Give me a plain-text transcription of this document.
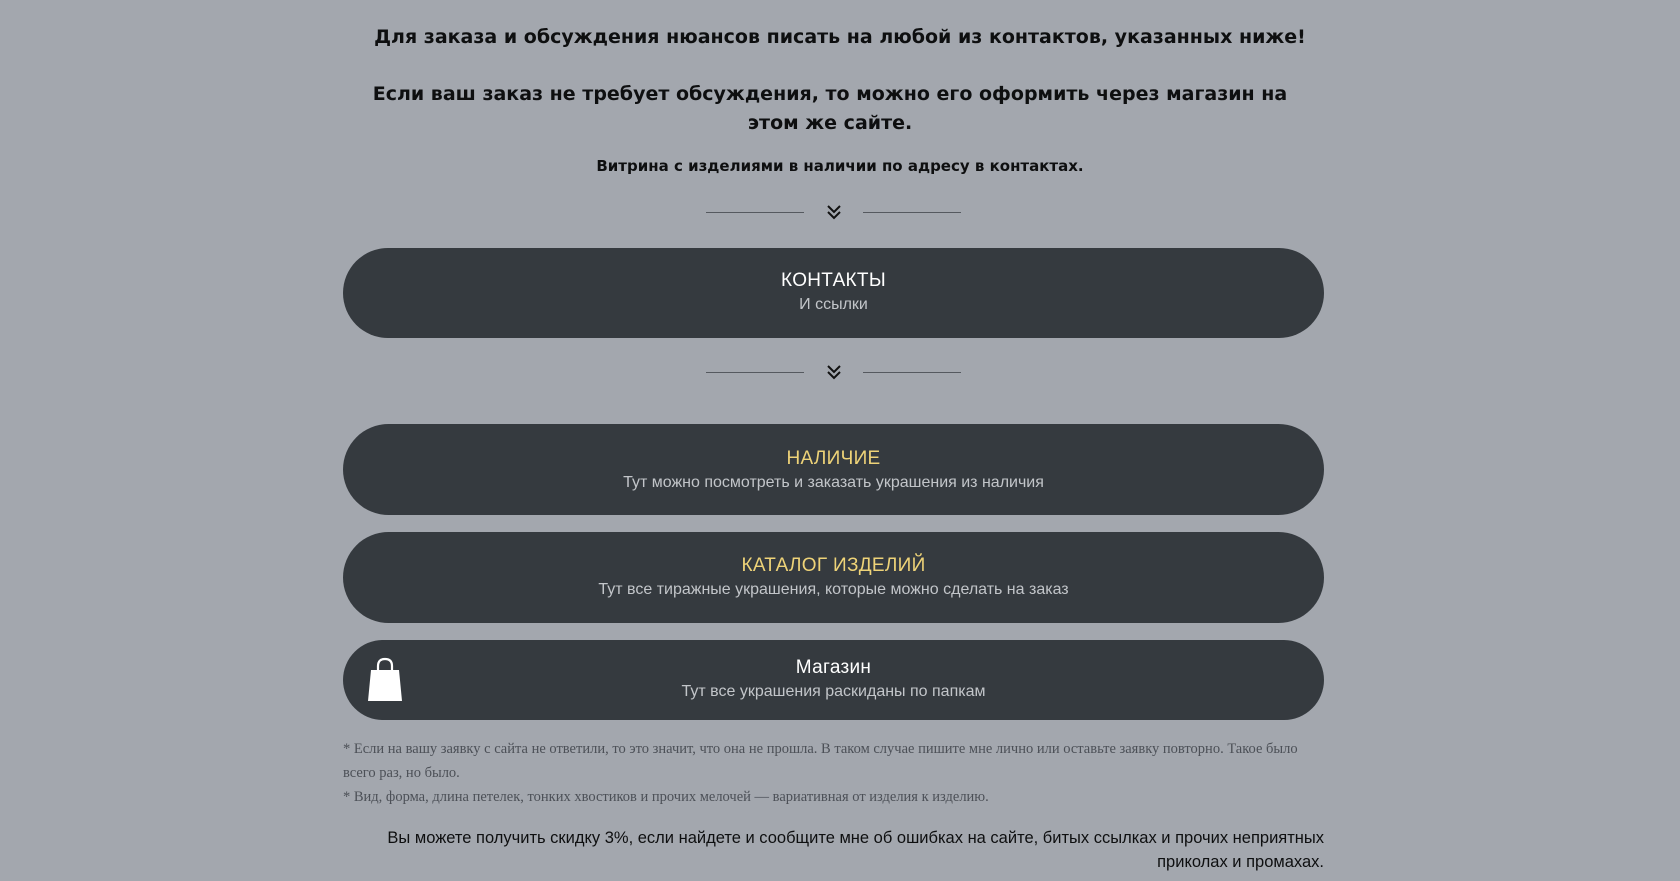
Для заказа и обсуждения нюансов писать на любой из контактов, указанных ниже!
Если ваш заказ не требует обсуждения, то можно его оформить через магазин на этом же сайте.
Витрина с изделиями в наличии по адресу в контактах.
КОНТАКТЫ
И ссылки
НАЛИЧИЕ
Тут можно посмотреть и заказать украшения из наличия
КАТАЛОГ ИЗДЕЛИЙ
Тут все тиражные украшения, которые можно сделать на заказ
Магазин
Тут все украшения раскиданы по папкам

* Если на вашу заявку с сайта не ответили, то это значит, что она не прошла. В таком случае пишите мне лично или оставьте заявку повторно. Такое было всего раз, но было.

* Вид, форма, длина петелек, тонких хвостиков и прочих мелочей — вариативная от изделия к изделию.

Вы можете получить скидку 3%, если найдете и сообщите мне об ошибках на сайте, битых ссылках и прочих неприятных приколах и промахах.
